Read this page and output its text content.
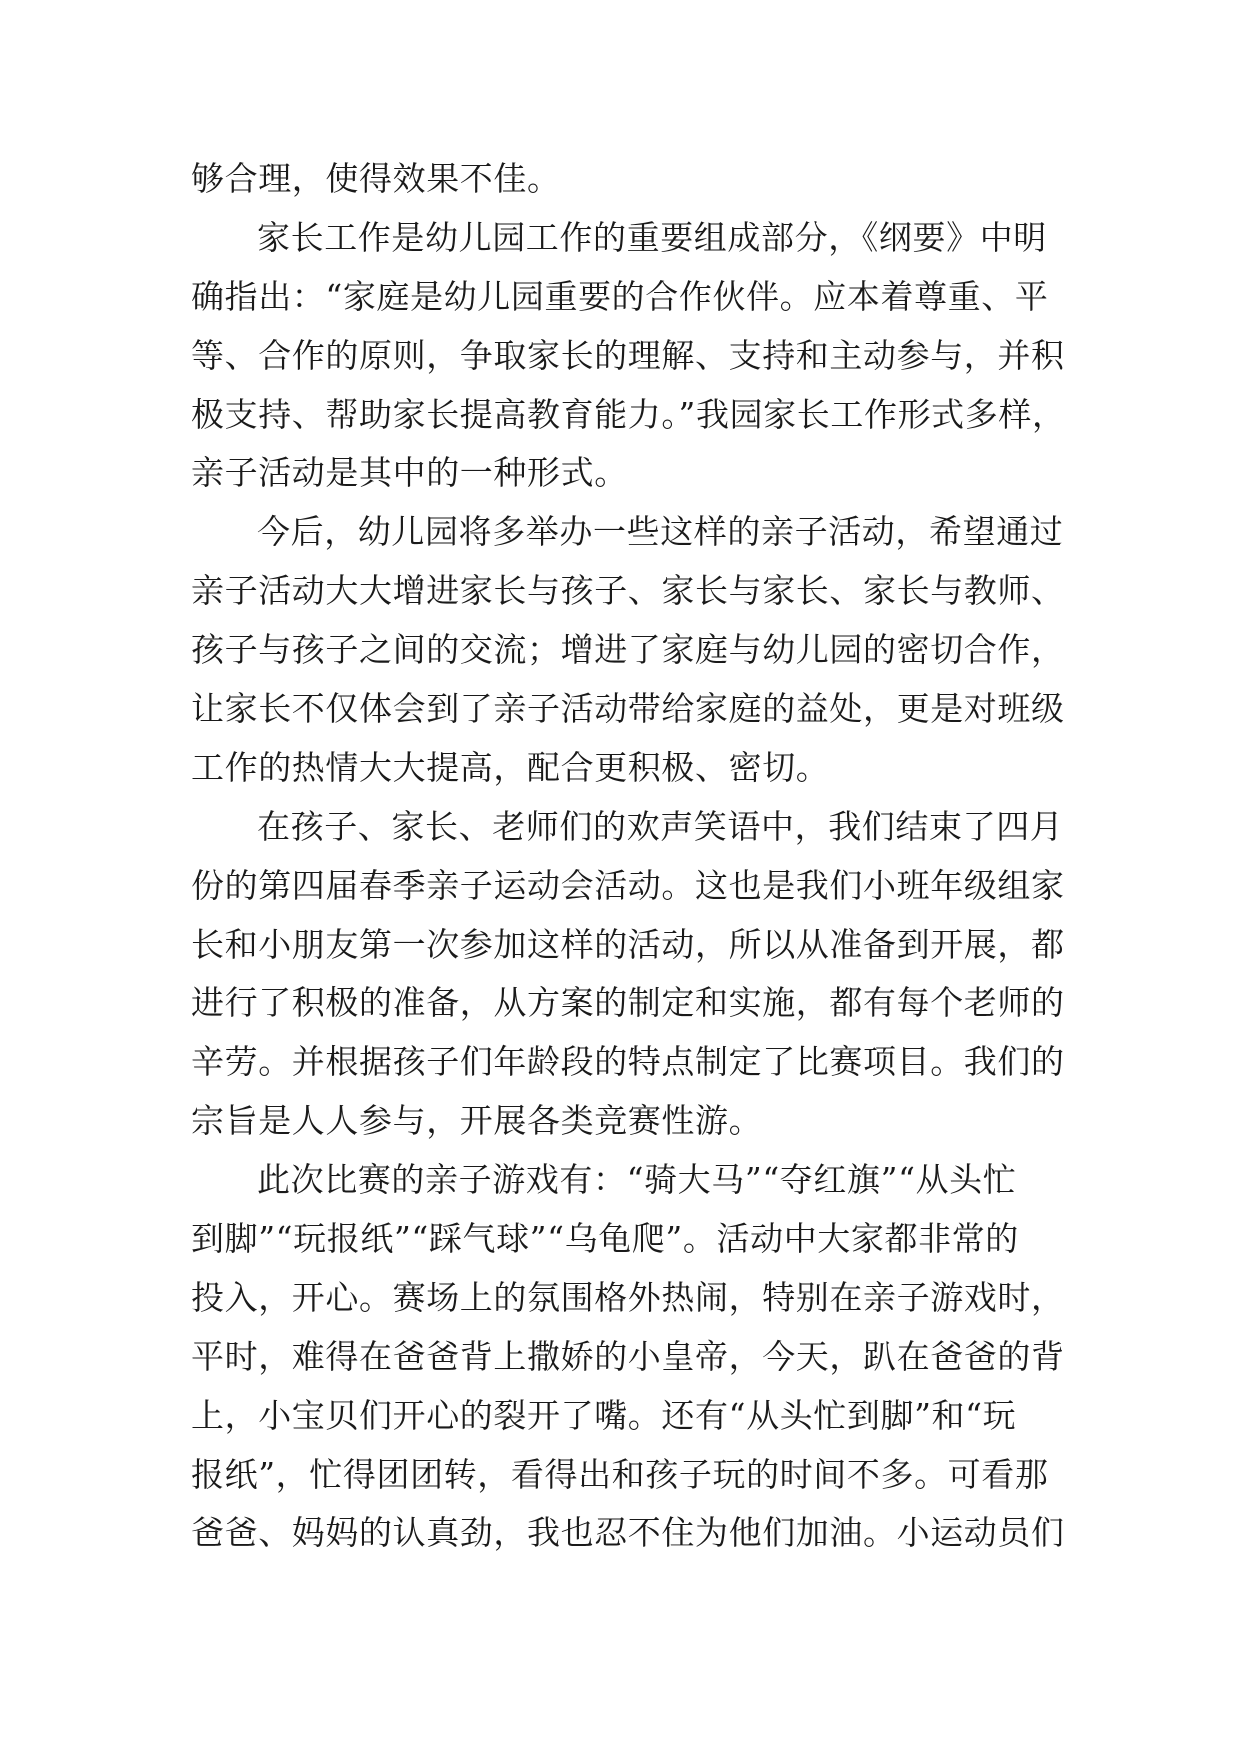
够合理，使得效果不佳。
家长工作是幼儿园工作的重要组成部分，《纲要》中明
确指出：“家庭是幼儿园重要的合作伙伴。应本着尊重、平
等、合作的原则，争取家长的理解、支持和主动参与，并积
极支持、帮助家长提高教育能力。”我园家长工作形式多样，
亲子活动是其中的一种形式。
今后，幼儿园将多举办一些这样的亲子活动，希望通过
亲子活动大大增进家长与孩子、家长与家长、家长与教师、
孩子与孩子之间的交流；增进了家庭与幼儿园的密切合作，
让家长不仅体会到了亲子活动带给家庭的益处，更是对班级
工作的热情大大提高，配合更积极、密切。
在孩子、家长、老师们的欢声笑语中，我们结束了四月
份的第四届春季亲子运动会活动。这也是我们小班年级组家
长和小朋友第一次参加这样的活动，所以从准备到开展，都
进行了积极的准备，从方案的制定和实施，都有每个老师的
辛劳。并根据孩子们年龄段的特点制定了比赛项目。我们的
宗旨是人人参与，开展各类竞赛性游。
此次比赛的亲子游戏有：“骑大马”“夺红旗”“从头忙
到脚”“玩报纸”“踩气球”“乌龟爬”。活动中大家都非常的
投入，开心。赛场上的氛围格外热闹，特别在亲子游戏时，
平时，难得在爸爸背上撒娇的小皇帝，今天，趴在爸爸的背
上，小宝贝们开心的裂开了嘴。还有“从头忙到脚”和“玩
报纸”，忙得团团转，看得出和孩子玩的时间不多。可看那
爸爸、妈妈的认真劲，我也忍不住为他们加油。小运动员们
